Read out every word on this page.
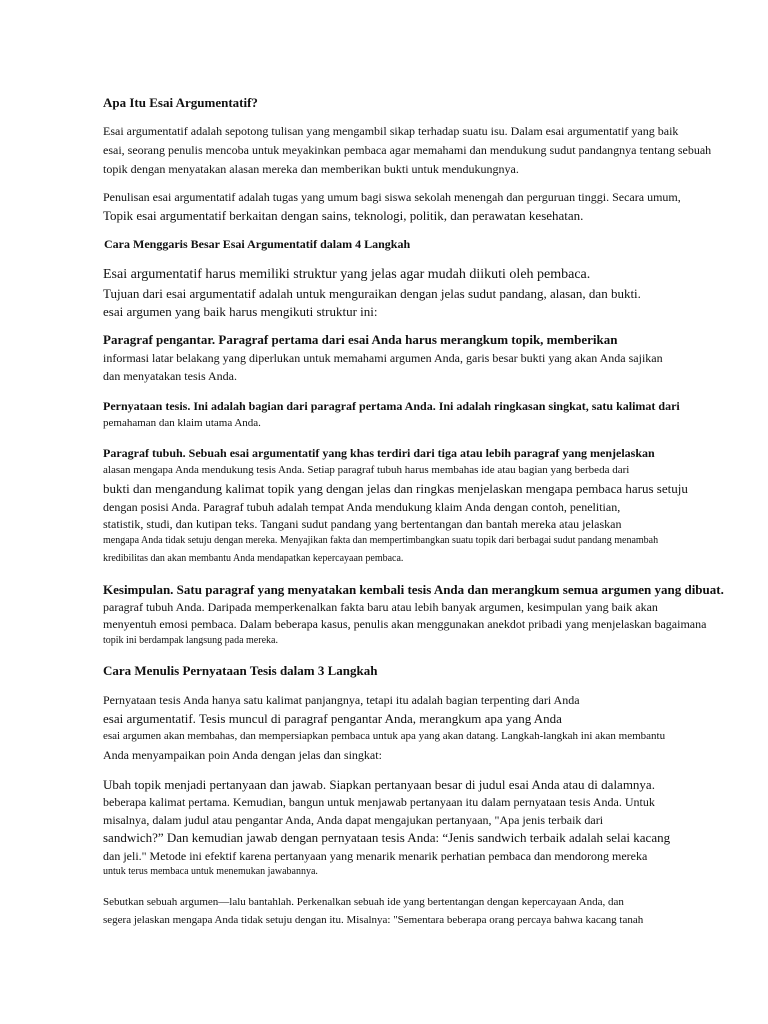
Apa Itu Esai Argumentatif?
Esai argumentatif adalah sepotong tulisan yang mengambil sikap terhadap suatu isu. Dalam esai argumentatif yang baik
esai, seorang penulis mencoba untuk meyakinkan pembaca agar memahami dan mendukung sudut pandangnya tentang sebuah
topik dengan menyatakan alasan mereka dan memberikan bukti untuk mendukungnya.
Penulisan esai argumentatif adalah tugas yang umum bagi siswa sekolah menengah dan perguruan tinggi. Secara umum,
Topik esai argumentatif berkaitan dengan sains, teknologi, politik, dan perawatan kesehatan.
Cara Menggaris Besar Esai Argumentatif dalam 4 Langkah
Esai argumentatif harus memiliki struktur yang jelas agar mudah diikuti oleh pembaca.
Tujuan dari esai argumentatif adalah untuk menguraikan dengan jelas sudut pandang, alasan, dan bukti.
esai argumen yang baik harus mengikuti struktur ini:
Paragraf pengantar. Paragraf pertama dari esai Anda harus merangkum topik, memberikan
informasi latar belakang yang diperlukan untuk memahami argumen Anda, garis besar bukti yang akan Anda sajikan
dan menyatakan tesis Anda.
Pernyataan tesis. Ini adalah bagian dari paragraf pertama Anda. Ini adalah ringkasan singkat, satu kalimat dari
pemahaman dan klaim utama Anda.
Paragraf tubuh. Sebuah esai argumentatif yang khas terdiri dari tiga atau lebih paragraf yang menjelaskan
alasan mengapa Anda mendukung tesis Anda. Setiap paragraf tubuh harus membahas ide atau bagian yang berbeda dari
bukti dan mengandung kalimat topik yang dengan jelas dan ringkas menjelaskan mengapa pembaca harus setuju
dengan posisi Anda. Paragraf tubuh adalah tempat Anda mendukung klaim Anda dengan contoh, penelitian,
statistik, studi, dan kutipan teks. Tangani sudut pandang yang bertentangan dan bantah mereka atau jelaskan
mengapa Anda tidak setuju dengan mereka. Menyajikan fakta dan mempertimbangkan suatu topik dari berbagai sudut pandang menambah
kredibilitas dan akan membantu Anda mendapatkan kepercayaan pembaca.
Kesimpulan. Satu paragraf yang menyatakan kembali tesis Anda dan merangkum semua argumen yang dibuat.
paragraf tubuh Anda. Daripada memperkenalkan fakta baru atau lebih banyak argumen, kesimpulan yang baik akan
menyentuh emosi pembaca. Dalam beberapa kasus, penulis akan menggunakan anekdot pribadi yang menjelaskan bagaimana
topik ini berdampak langsung pada mereka.
Cara Menulis Pernyataan Tesis dalam 3 Langkah
Pernyataan tesis Anda hanya satu kalimat panjangnya, tetapi itu adalah bagian terpenting dari Anda
esai argumentatif. Tesis muncul di paragraf pengantar Anda, merangkum apa yang Anda
esai argumen akan membahas, dan mempersiapkan pembaca untuk apa yang akan datang. Langkah-langkah ini akan membantu
Anda menyampaikan poin Anda dengan jelas dan singkat:
Ubah topik menjadi pertanyaan dan jawab. Siapkan pertanyaan besar di judul esai Anda atau di dalamnya.
beberapa kalimat pertama. Kemudian, bangun untuk menjawab pertanyaan itu dalam pernyataan tesis Anda. Untuk
misalnya, dalam judul atau pengantar Anda, Anda dapat mengajukan pertanyaan, "Apa jenis terbaik dari
sandwich?” Dan kemudian jawab dengan pernyataan tesis Anda: “Jenis sandwich terbaik adalah selai kacang
dan jeli." Metode ini efektif karena pertanyaan yang menarik menarik perhatian pembaca dan mendorong mereka
untuk terus membaca untuk menemukan jawabannya.
Sebutkan sebuah argumen—lalu bantahlah. Perkenalkan sebuah ide yang bertentangan dengan kepercayaan Anda, dan
segera jelaskan mengapa Anda tidak setuju dengan itu. Misalnya: "Sementara beberapa orang percaya bahwa kacang tanah
